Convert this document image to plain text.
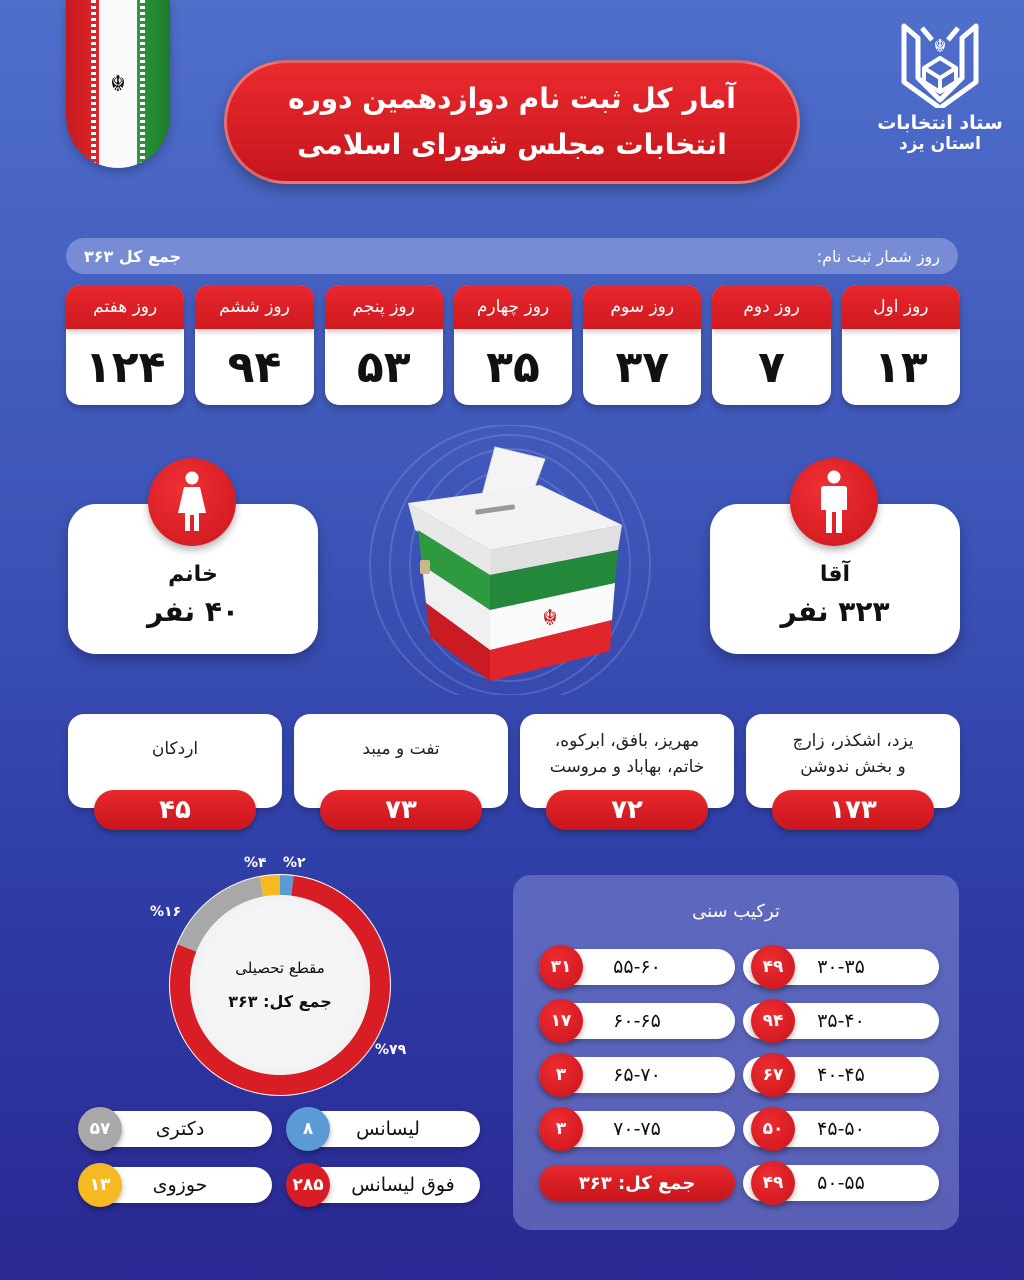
☬	آمار کل ثبت نام دوازدهمین دوره
انتخابات مجلس شورای اسلامی
☬
ستاد انتخابات
استان یزد
روز شمار ثبت نام:
جمع کل ۳۶۳
روز اول
۱۳
روز دوم
۷
روز سوم
۳۷
روز چهارم
۳۵
روز پنجم
۵۳
روز ششم
۹۴
روز هفتم
۱۲۴
خانم
۴۰ نفر
آقا
۳۲۳ نفر
☬
یزد، اشکذر، زارچ
و بخش ندوشن
۱۷۳
مهریز، بافق، ابرکوه،
خاتم، بهاباد و مروست
۷۲
تفت و میبد
۷۳
اردکان
۴۵
مقطع تحصیلی
جمع کل: ۳۶۳
%۲
%۴
%۱۶
%۷۹
لیسانس
۸
دکتری
۵۷
فوق لیسانس
۲۸۵
حوزوی
۱۳
ترکیب سنی
۳۰-۳۵
۴۹
۳۵-۴۰
۹۴
۴۰-۴۵
۶۷
۴۵-۵۰
۵۰
۵۰-۵۵
۴۹
۵۵-۶۰
۳۱
۶۰-۶۵
۱۷
۶۵-۷۰
۳
۷۰-۷۵
۳
جمع کل: ۳۶۳
